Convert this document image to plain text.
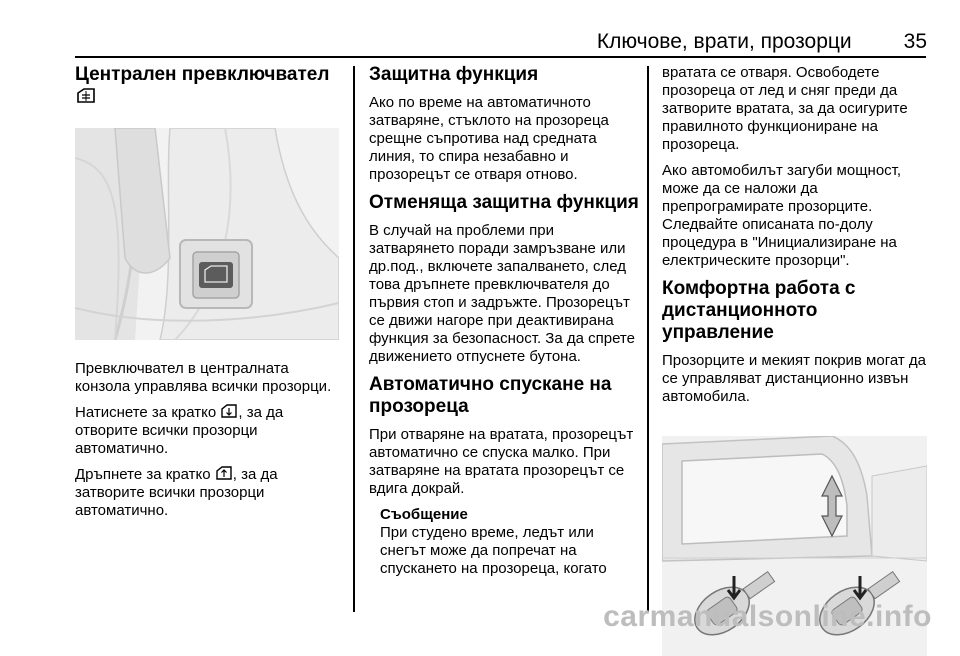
Ключове, врати, прозорци 35
Централен превключвател

Превключвател в централната конзола управлява всички прозорци.

Натиснете за кратко , за да отворите всички прозорци автоматично.

Дръпнете за кратко , за да затворите всички прозорци автоматично.

Защитна функция

Ако по време на автоматичното затваряне, стъклото на прозореца срещне съпротива над средната линия, то спира незабавно и прозорецът се отваря отново.

Отменяща защитна функция

В случай на проблеми при затварянето поради замръзване или др.под., включете запалването, след това дръпнете превключвателя до първия стоп и задръжте. Прозорецът се движи нагоре при деактивирана функция за безопасност. За да спрете движението отпуснете бутона.

Автоматично спускане на прозореца

При отваряне на вратата, прозорецът автоматично се спуска малко. При затваряне на вратата прозорецът се вдига докрай.

Съобщение

При студено време, ледът или снегът може да попречат на спускането на прозореца, когато

вратата се отваря. Освободете прозореца от лед и сняг преди да затворите вратата, за да осигурите правилното функциониране на прозореца.

Ако автомобилът загуби мощност, може да се наложи да препрограмирате прозорците. Следвайте описаната по-долу процедура в "Инициализиране на електрическите прозорци".

Комфортна работа с дистанционното управление

Прозорците и мекият покрив могат да се управляват дистанционно извън автомобила.

carmanualsonline.info
